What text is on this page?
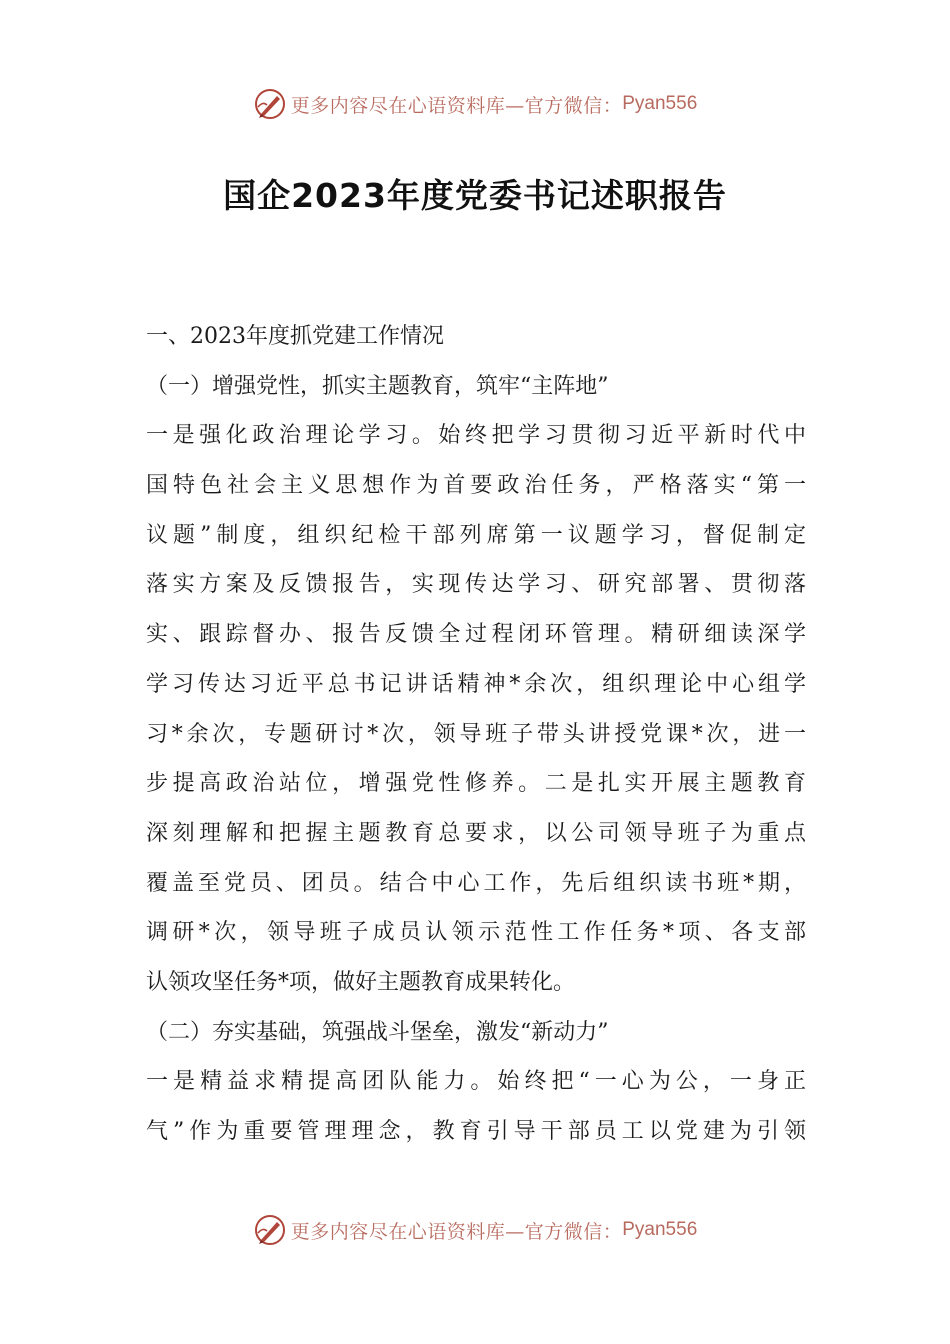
更多内容尽在心语资料库—官方微信： Pyan556
国企2023年度党委书记述职报告
一、2023年度抓党建工作情况
（一）增强党性，抓实主题教育，筑牢“主阵地”
一是强化政治理论学习。始终把学习贯彻习近平新时代中
国特色社会主义思想作为首要政治任务，严格落实“第一
议题”制度，组织纪检干部列席第一议题学习，督促制定
落实方案及反馈报告，实现传达学习、研究部署、贯彻落
实、跟踪督办、报告反馈全过程闭环管理。精研细读深学
学习传达习近平总书记讲话精神*余次，组织理论中心组学
习*余次，专题研讨*次，领导班子带头讲授党课*次，进一
步提高政治站位，增强党性修养。二是扎实开展主题教育
深刻理解和把握主题教育总要求，以公司领导班子为重点
覆盖至党员、团员。结合中心工作，先后组织读书班*期，
调研*次，领导班子成员认领示范性工作任务*项、各支部
认领攻坚任务*项，做好主题教育成果转化。
（二）夯实基础，筑强战斗堡垒，激发“新动力”
一是精益求精提高团队能力。始终把“一心为公，一身正
气”作为重要管理理念，教育引导干部员工以党建为引领
更多内容尽在心语资料库—官方微信： Pyan556
